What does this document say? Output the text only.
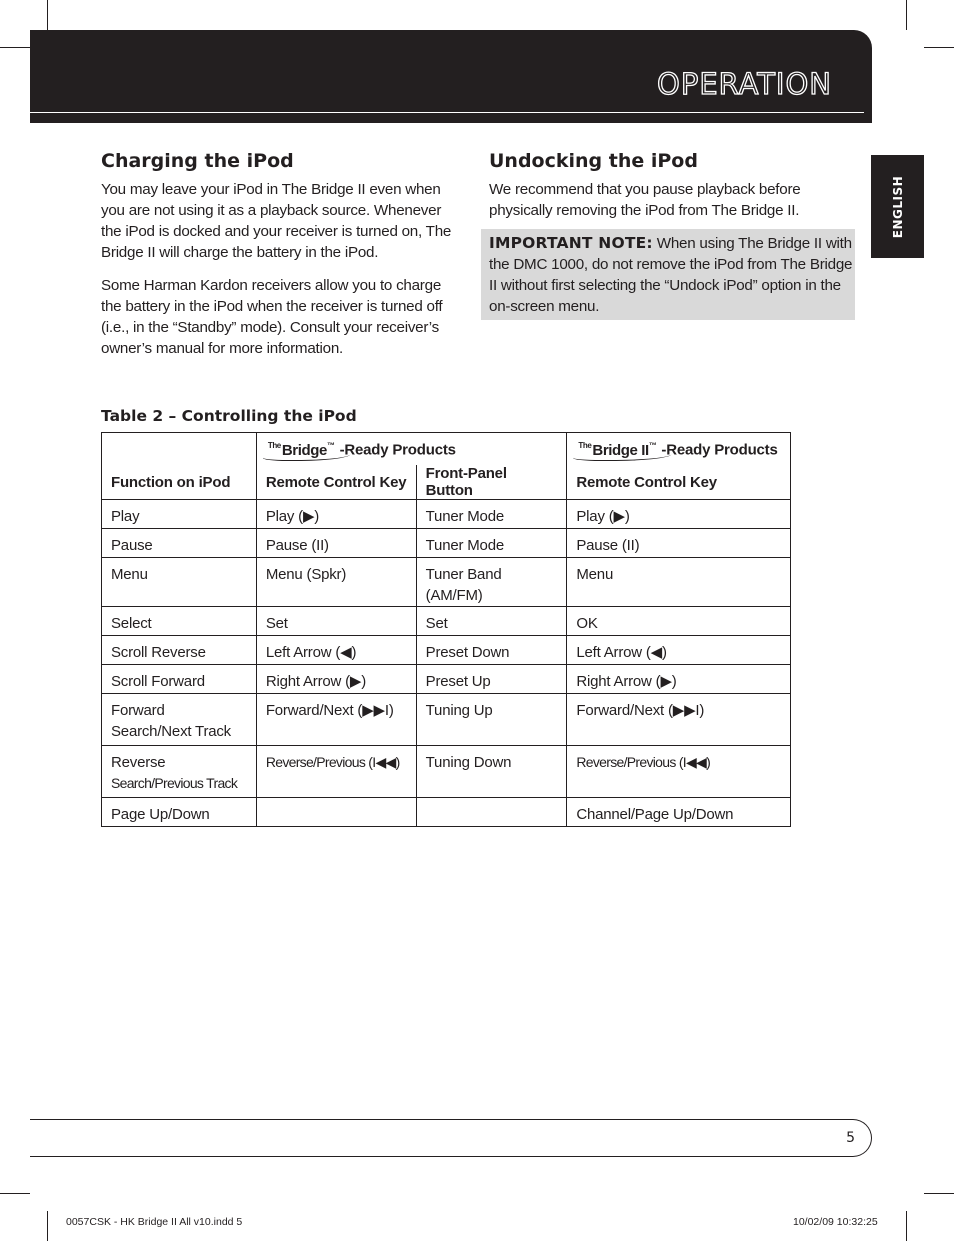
OPERATION
ENGLISH
Charging the iPod

You may leave your iPod in The Bridge II even when you are not using it as a playback source. Whenever the iPod is docked and your receiver is turned on, The Bridge II will charge the battery in the iPod.

Some Harman Kardon receivers allow you to charge the battery in the iPod when the receiver is turned off (i.e., in the “Standby” mode). Consult your receiver’s owner’s manual for more information.

Undocking the iPod

We recommend that you pause playback before physically removing the iPod from The Bridge II.

IMPORTANT NOTE: When using The Bridge II with the DMC 1000, do not remove the iPod from The Bridge II without first selecting the “Undock iPod” option in the on-screen menu.

Table 2 – Controlling the iPod

	$^{The}$Bridge™ -Ready Products		$^{The}$Bridge II™ -Ready Products
Function on iPod	Remote Control Key	Front-Panel Button	Remote Control Key
Play	Play (▶)	Tuner Mode	Play (▶)
Pause	Pause (II)	Tuner Mode	Pause (II)
Menu	Menu (Spkr)	Tuner Band (AM/FM)	Menu
Select	Set	Set	OK
Scroll Reverse	Left Arrow (◀)	Preset Down	Left Arrow (◀)
Scroll Forward	Right Arrow (▶)	Preset Up	Right Arrow (▶)

Forward
Search/Next Track	Forward/Next (▶▶I)	Tuning Up	Forward/Next (▶▶I)

Reverse
Search/Previous Track	Reverse/Previous (I◀◀)	Tuning Down	Reverse/Previous (I◀◀)
Page Up/Down			Channel/Page Up/Down
5
0057CSK - HK Bridge II All v10.indd 5	10/02/09 10:32:25
